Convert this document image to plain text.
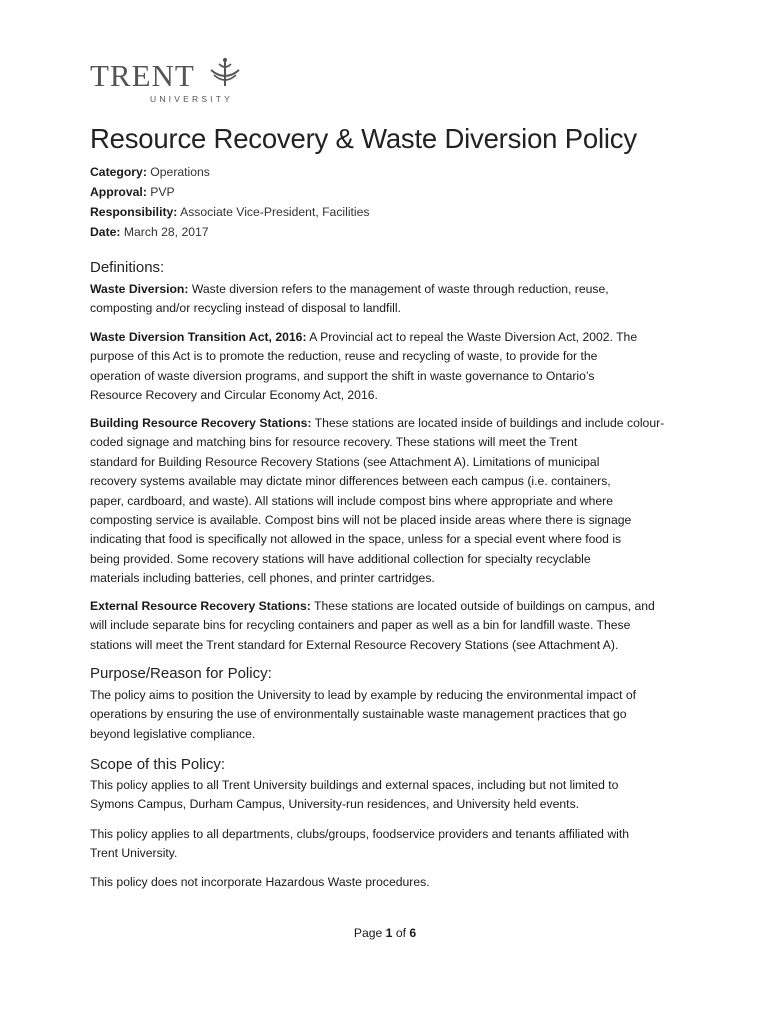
TRENT
UNIVERSITY
Resource Recovery & Waste Diversion Policy
Category: Operations
Approval: PVP
Responsibility: Associate Vice-President, Facilities
Date: March 28, 2017
Definitions:
Waste Diversion: Waste diversion refers to the management of waste through reduction, reuse,
composting and/or recycling instead of disposal to landfill.
Waste Diversion Transition Act, 2016: A Provincial act to repeal the Waste Diversion Act, 2002. The
purpose of this Act is to promote the reduction, reuse and recycling of waste, to provide for the
operation of waste diversion programs, and support the shift in waste governance to Ontario’s
Resource Recovery and Circular Economy Act, 2016.
Building Resource Recovery Stations: These stations are located inside of buildings and include colour-
coded signage and matching bins for resource recovery. These stations will meet the Trent
standard for Building Resource Recovery Stations (see Attachment A). Limitations of municipal
recovery systems available may dictate minor differences between each campus (i.e. containers,
paper, cardboard, and waste). All stations will include compost bins where appropriate and where
composting service is available. Compost bins will not be placed inside areas where there is signage
indicating that food is specifically not allowed in the space, unless for a special event where food is
being provided. Some recovery stations will have additional collection for specialty recyclable
materials including batteries, cell phones, and printer cartridges.
External Resource Recovery Stations: These stations are located outside of buildings on campus, and
will include separate bins for recycling containers and paper as well as a bin for landfill waste. These
stations will meet the Trent standard for External Resource Recovery Stations (see Attachment A).
Purpose/Reason for Policy:
The policy aims to position the University to lead by example by reducing the environmental impact of
operations by ensuring the use of environmentally sustainable waste management practices that go
beyond legislative compliance.
Scope of this Policy:
This policy applies to all Trent University buildings and external spaces, including but not limited to
Symons Campus, Durham Campus, University-run residences, and University held events.
This policy applies to all departments, clubs/groups, foodservice providers and tenants affiliated with
Trent University.
This policy does not incorporate Hazardous Waste procedures.
Page 1 of 6
